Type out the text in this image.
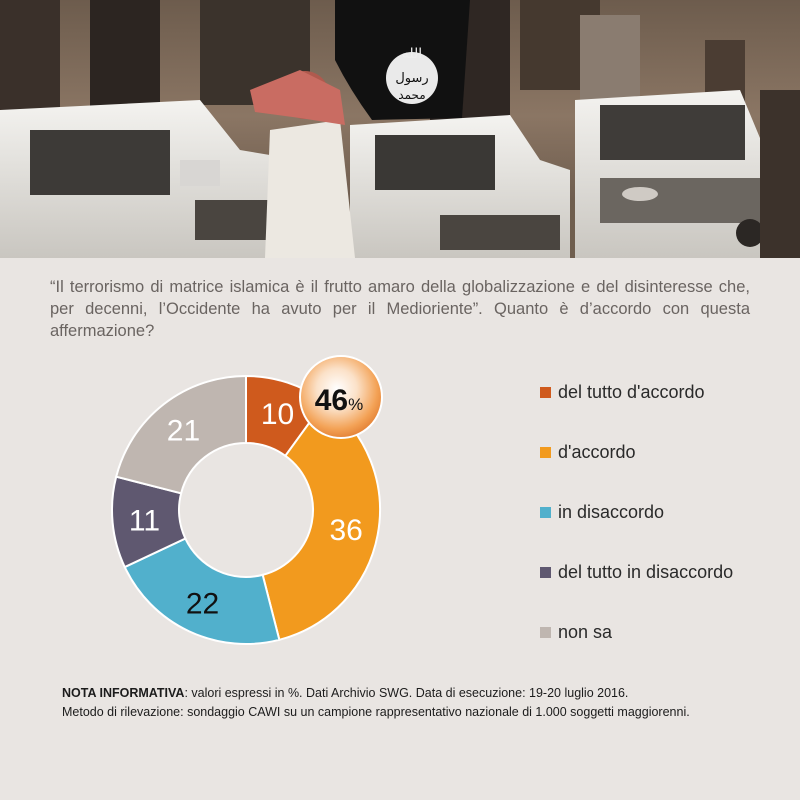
الله
رسول
محمد

“Il terrorismo di matrice islamica è il frutto amaro della globalizzazione e del disinteresse che, per decenni, l’Occidente ha avuto per il Medioriente”. Quanto è d’accordo con questa affermazione?

10
36
22
11
21
46%
del tutto d'accordo
d'accordo
in disaccordo
del tutto in disaccordo
non sa
NOTA INFORMATIVA: valori espressi in %. Dati Archivio SWG. Data di esecuzione: 19-20 luglio 2016.
Metodo di rilevazione: sondaggio CAWI su un campione rappresentativo nazionale di 1.000 soggetti maggiorenni.
